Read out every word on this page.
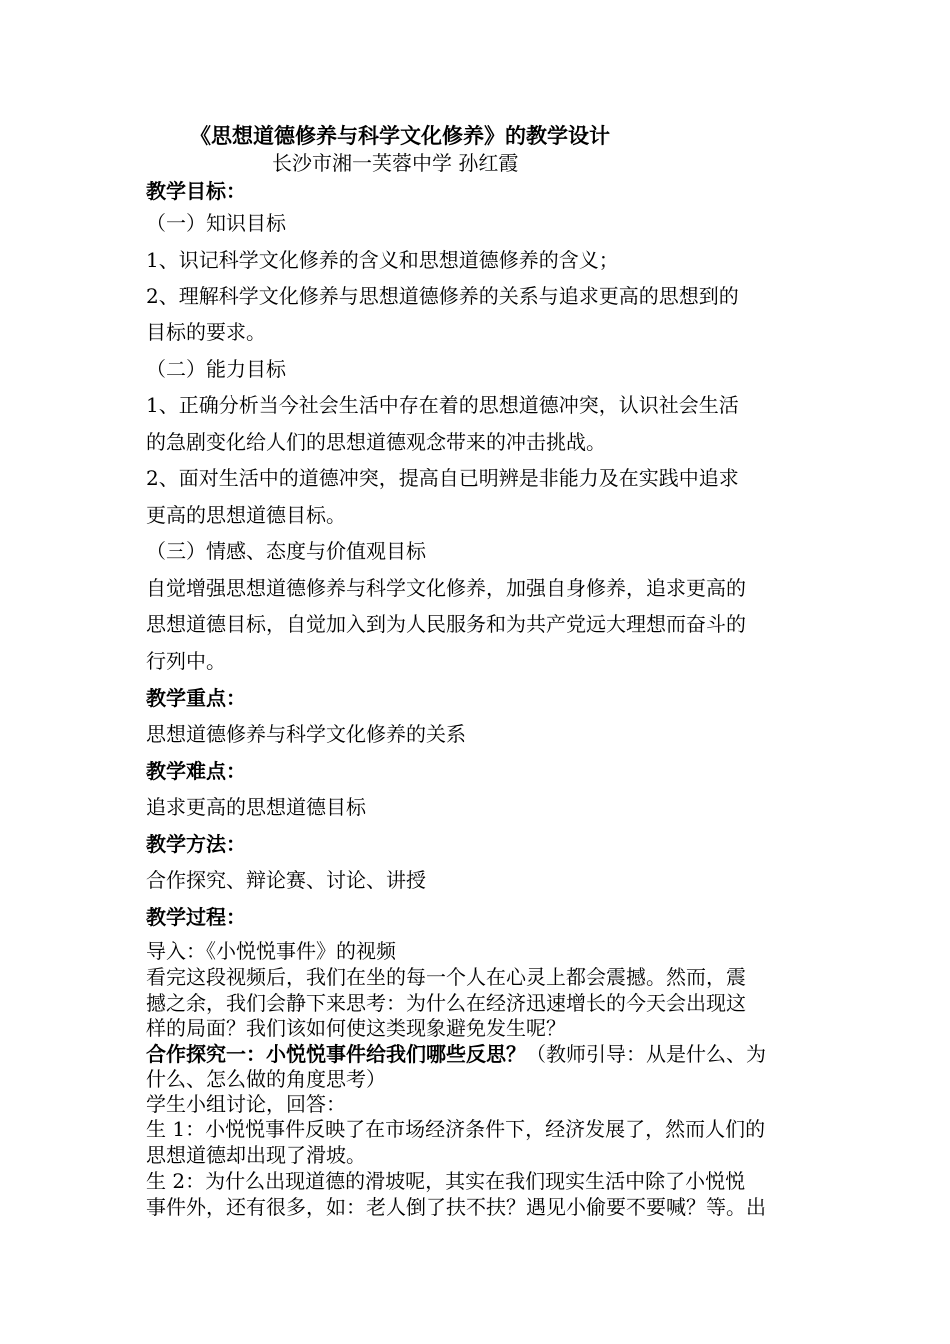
《思想道德修养与科学文化修养》的教学设计
长沙市湘一芙蓉中学 孙红霞
教学目标：
（一）知识目标
1、识记科学文化修养的含义和思想道德修养的含义；
2、理解科学文化修养与思想道德修养的关系与追求更高的思想到的
目标的要求。
（二）能力目标
1、正确分析当今社会生活中存在着的思想道德冲突，认识社会生活
的急剧变化给人们的思想道德观念带来的冲击挑战。
2、面对生活中的道德冲突，提高自已明辨是非能力及在实践中追求
更高的思想道德目标。
（三）情感、态度与价值观目标
自觉增强思想道德修养与科学文化修养，加强自身修养，追求更高的
思想道德目标，自觉加入到为人民服务和为共产党远大理想而奋斗的
行列中。
教学重点：
思想道德修养与科学文化修养的关系
教学难点：
追求更高的思想道德目标
教学方法：
合作探究、辩论赛、讨论、讲授
教学过程：
导入：《小悦悦事件》的视频
看完这段视频后，我们在坐的每一个人在心灵上都会震撼。然而，震
撼之余，我们会静下来思考：为什么在经济迅速增长的今天会出现这
样的局面？我们该如何使这类现象避免发生呢？
合作探究一：小悦悦事件给我们哪些反思？（教师引导：从是什么、为
什么、怎么做的角度思考）
学生小组讨论，回答：
生 1：小悦悦事件反映了在市场经济条件下，经济发展了，然而人们的
思想道德却出现了滑坡。
生 2：为什么出现道德的滑坡呢，其实在我们现实生活中除了小悦悦
事件外，还有很多，如：老人倒了扶不扶？遇见小偷要不要喊？等。出
